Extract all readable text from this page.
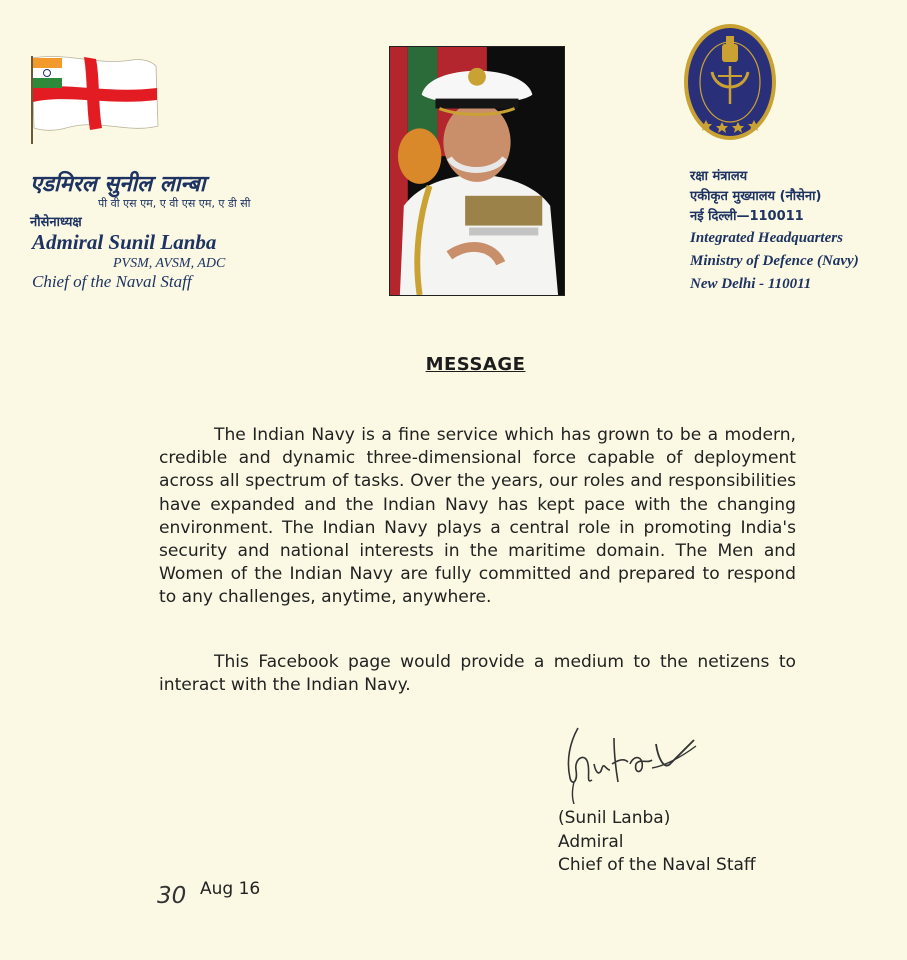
एडमिरल सुनील लान्बा
पी वी एस एम, ए वी एस एम, ए डी सी
नौसेनाध्यक्ष
Admiral Sunil Lanba
PVSM, AVSM, ADC
Chief of the Naval Staff
रक्षा मंत्रालय
एकीकृत मुख्यालय (नौसेना)
नई दिल्ली—110011
Integrated Headquarters
Ministry of Defence (Navy)
New Delhi - 110011
MESSAGE
The Indian Navy is a fine service which has grown to be a modern, credible and dynamic three-dimensional force capable of deployment across all spectrum of tasks. Over the years, our roles and responsibilities have expanded and the Indian Navy has kept pace with the changing environment. The Indian Navy plays a central role in promoting India's security and national interests in the maritime domain. The Men and Women of the Indian Navy are fully committed and prepared to respond to any challenges, anytime, anywhere.
This Facebook page would provide a medium to the netizens to interact with the Indian Navy.
(Sunil Lanba)
Admiral
Chief of the Naval Staff
30 Aug 16
